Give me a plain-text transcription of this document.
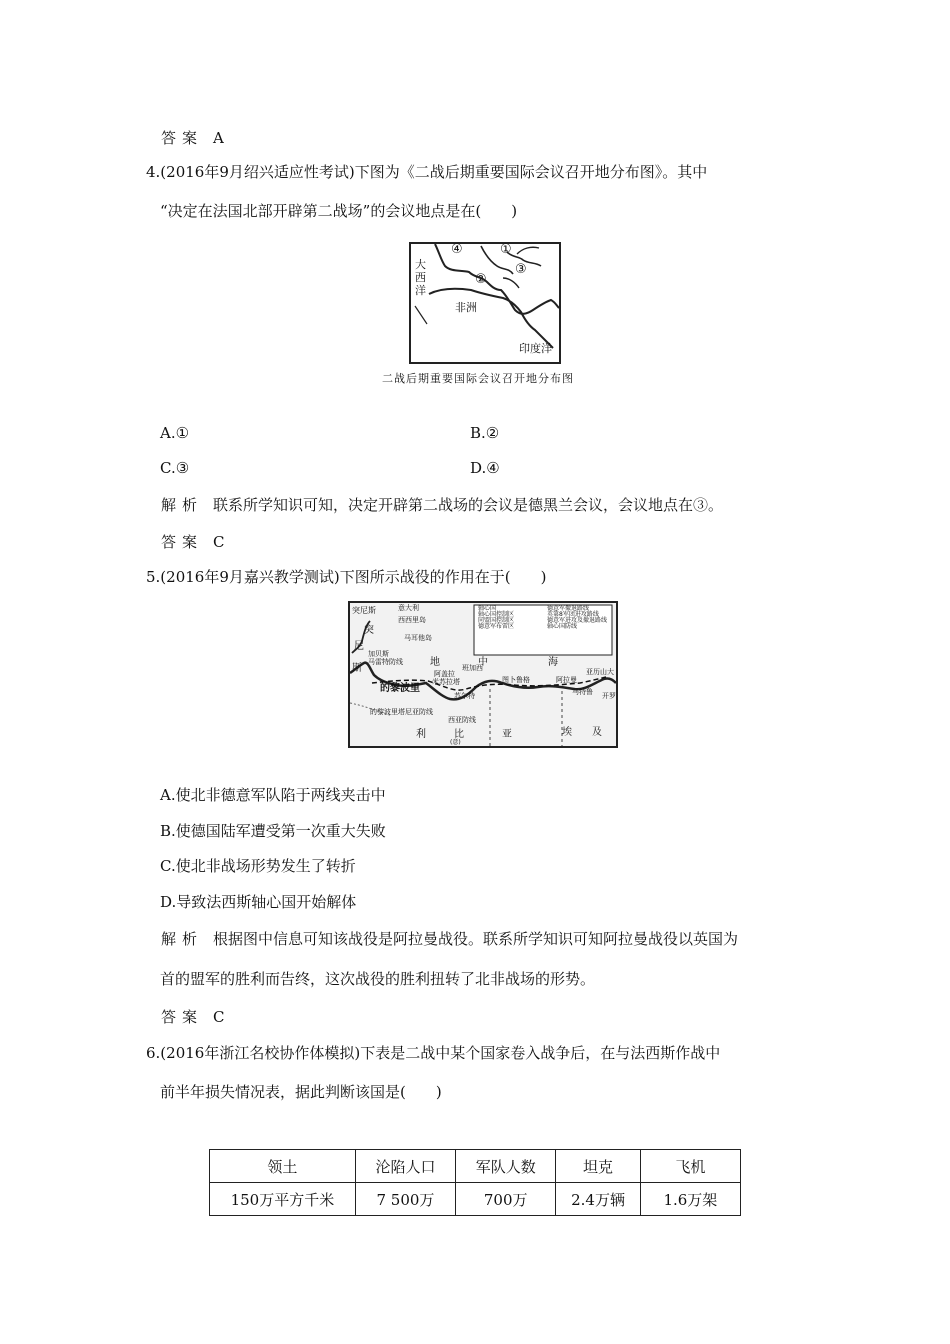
答案 A
4.(2016年9月绍兴适应性考试)下图为《二战后期重要国际会议召开地分布图》。其中
“决定在法国北部开辟第二战场”的会议地点是在(　　)
大
西
洋
④	①
③
②
非洲
印度洋
二战后期重要国际会议召开地分布图
A.①	B.②
C.③	D.④
解析 联系所学知识可知，决定开辟第二战场的会议是德黑兰会议，会议地点在③。
答案 C
5.(2016年9月嘉兴教学测试)下图所示战役的作用在于(　　)
轴心国
轴心国控制区
同盟国控制区
德意军布雷区
德意军撤退路线
英第8军团进攻路线
德意军进攻及撤退路线
轴心国防线
突尼斯
突
尼
斯
意大利
西西里岛
马耳他岛
加贝斯
马雷特防线
的黎波里
米苏拉塔
苏尔特
阿盖拉
班加西
图卜鲁格	阿拉曼
马特鲁
亚历山大
开罗
的黎波里塔尼亚防线
西亚防线
地	中	海
利	比	亚
(意)
埃 及
A.使北非德意军队陷于两线夹击中
B.使德国陆军遭受第一次重大失败
C.使北非战场形势发生了转折
D.导致法西斯轴心国开始解体
解析 根据图中信息可知该战役是阿拉曼战役。联系所学知识可知阿拉曼战役以英国为
首的盟军的胜利而告终，这次战役的胜利扭转了北非战场的形势。
答案 C
6.(2016年浙江名校协作体模拟)下表是二战中某个国家卷入战争后，在与法西斯作战中
前半年损失情况表，据此判断该国是(　　)
领土	沦陷人口	军队人数	坦克	飞机
150万平方千米	7 500万	700万	2.4万辆	1.6万架
